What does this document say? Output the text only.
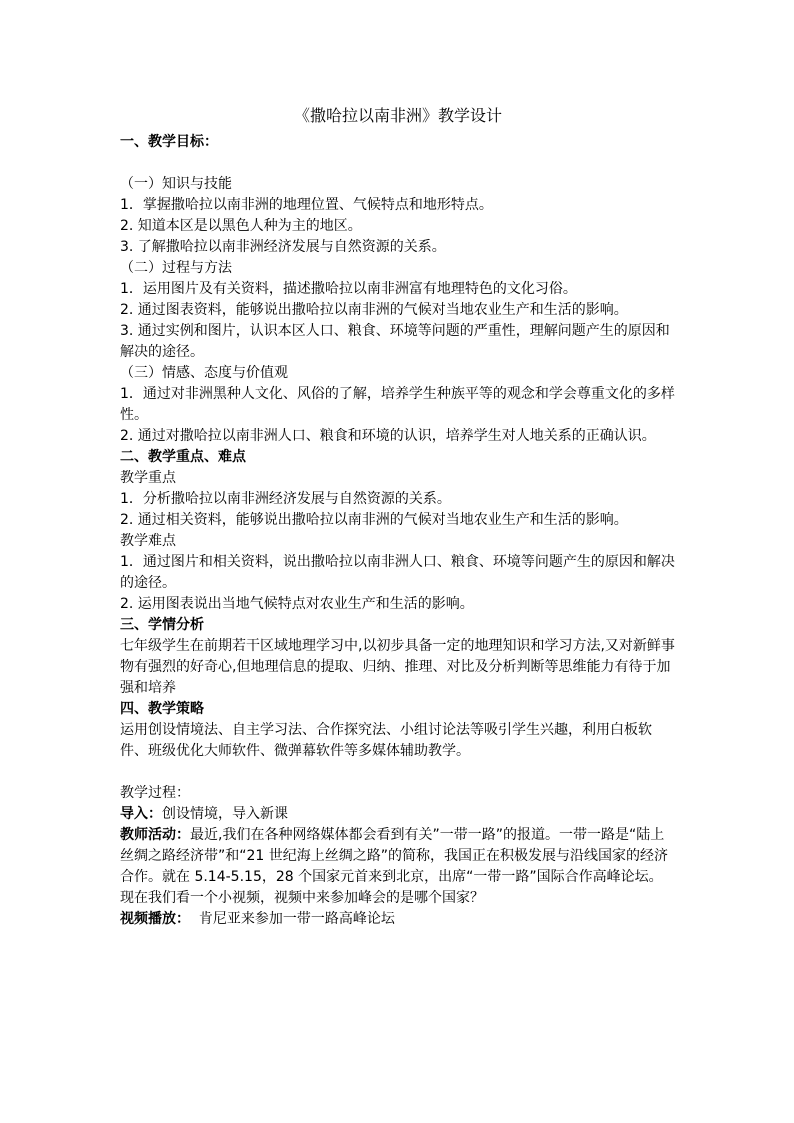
《撒哈拉以南非洲》教学设计
一、教学目标：
（一）知识与技能
1．掌握撒哈拉以南非洲的地理位置、气候特点和地形特点。
2. 知道本区是以黑色人种为主的地区。
3. 了解撒哈拉以南非洲经济发展与自然资源的关系。
（二）过程与方法
1．运用图片及有关资料，描述撒哈拉以南非洲富有地理特色的文化习俗。
2. 通过图表资料，能够说出撒哈拉以南非洲的气候对当地农业生产和生活的影响。
3. 通过实例和图片，认识本区人口、粮食、环境等问题的严重性，理解问题产生的原因和解决的途径。
（三）情感、态度与价值观
1．通过对非洲黑种人文化、风俗的了解，培养学生种族平等的观念和学会尊重文化的多样性。
2. 通过对撒哈拉以南非洲人口、粮食和环境的认识，培养学生对人地关系的正确认识。
二、教学重点、难点
教学重点
1．分析撒哈拉以南非洲经济发展与自然资源的关系。
2. 通过相关资料，能够说出撒哈拉以南非洲的气候对当地农业生产和生活的影响。
教学难点
1．通过图片和相关资料，说出撒哈拉以南非洲人口、粮食、环境等问题产生的原因和解决的途径。
2. 运用图表说出当地气候特点对农业生产和生活的影响。
三、学情分析
七年级学生在前期若干区域地理学习中,以初步具备一定的地理知识和学习方法,又对新鲜事物有强烈的好奇心,但地理信息的提取、归纳、推理、对比及分析判断等思维能力有待于加强和培养
四、教学策略
运用创设情境法、自主学习法、合作探究法、小组讨论法等吸引学生兴趣，利用白板软件、班级优化大师软件、微弹幕软件等多媒体辅助教学。
教学过程：
导入：创设情境，导入新课
教师活动：最近,我们在各种网络媒体都会看到有关”一带一路”的报道。一带一路是“陆上丝绸之路经济带”和“21 世纪海上丝绸之路”的简称，我国正在积极发展与沿线国家的经济合作。就在 5.14-5.15，28 个国家元首来到北京，出席“一带一路”国际合作高峰论坛。现在我们看一个小视频，视频中来参加峰会的是哪个国家？
视频播放： 肯尼亚来参加一带一路高峰论坛
